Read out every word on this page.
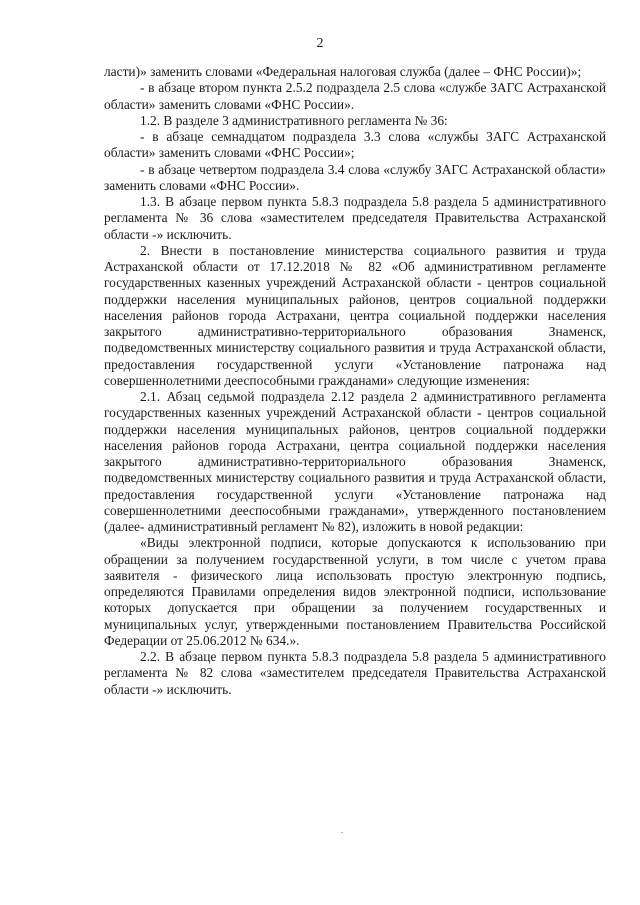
2

ласти)» заменить словами «Федеральная налоговая служба (далее – ФНС России)»;

- в абзаце втором пункта 2.5.2 подраздела 2.5 слова «службе ЗАГС Астраханской области» заменить словами «ФНС России».

1.2. В разделе 3 административного регламента № 36:

- в абзаце семнадцатом подраздела 3.3 слова «службы ЗАГС Астраханской области» заменить словами «ФНС России»;

- в абзаце четвертом подраздела 3.4 слова «службу ЗАГС Астраханской области» заменить словами «ФНС России».

1.3. В абзаце первом пункта 5.8.3 подраздела 5.8 раздела 5 административного регламента № 36 слова «заместителем председателя Правительства Астраханской области -» исключить.

2. Внести в постановление министерства социального развития и труда Астраханской области от 17.12.2018 № 82 «Об административном регламенте государственных казенных учреждений Астраханской области - центров социальной поддержки населения муниципальных районов, центров социальной поддержки населения районов города Астрахани, центра социальной поддержки населения закрытого административно-территориального образования Знаменск, подведомственных министерству социального развития и труда Астраханской области, предоставления государственной услуги «Установление патронажа над совершеннолетними дееспособными гражданами» следующие изменения:

2.1. Абзац седьмой подраздела 2.12 раздела 2 административного регламента государственных казенных учреждений Астраханской области - центров социальной поддержки населения муниципальных районов, центров социальной поддержки населения районов города Астрахани, центра социальной поддержки населения закрытого административно-территориального образования Знаменск, подведомственных министерству социального развития и труда Астраханской области, предоставления государственной услуги «Установление патронажа над совершеннолетними дееспособными гражданами», утвержденного постановлением (далее- административный регламент № 82), изложить в новой редакции:

«Виды электронной подписи, которые допускаются к использованию при обращении за получением государственной услуги, в том числе с учетом права заявителя - физического лица использовать простую электронную подпись, определяются Правилами определения видов электронной подписи, использование которых допускается при обращении за получением государственных и муниципальных услуг, утвержденными постановлением Правительства Российской Федерации от 25.06.2012 № 634.».

2.2. В абзаце первом пункта 5.8.3 подраздела 5.8 раздела 5 административного регламента № 82 слова «заместителем председателя Правительства Астраханской области -» исключить.
